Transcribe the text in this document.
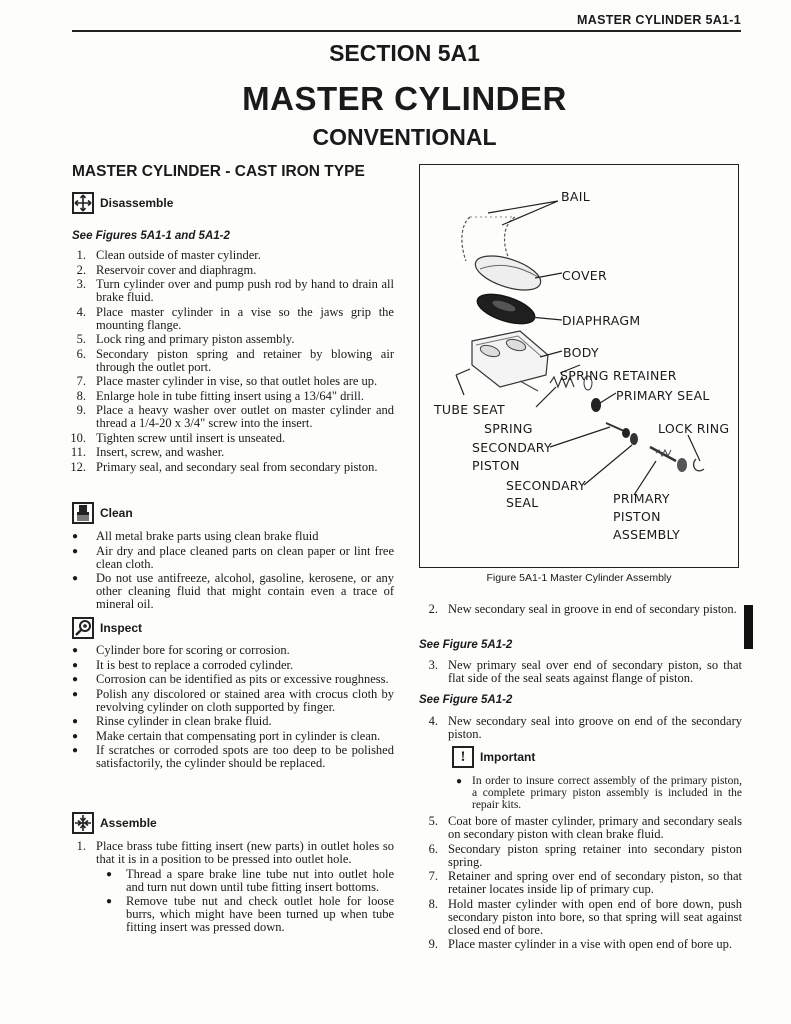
MASTER CYLINDER 5A1-1
SECTION 5A1
MASTER CYLINDER
CONVENTIONAL
MASTER CYLINDER - CAST IRON TYPE
Disassemble
See Figures 5A1-1 and 5A1-2
1. Clean outside of master cylinder.
2. Reservoir cover and diaphragm.
3. Turn cylinder over and pump push rod by hand to drain all brake fluid.
4. Place master cylinder in a vise so the jaws grip the mounting flange.
5. Lock ring and primary piston assembly.
6. Secondary piston spring and retainer by blowing air through the outlet port.
7. Place master cylinder in vise, so that outlet holes are up.
8. Enlarge hole in tube fitting insert using a 13/64" drill.
9. Place a heavy washer over outlet on master cylinder and thread a 1/4-20 x 3/4" screw into the insert.
10. Tighten screw until insert is unseated.
11. Insert, screw, and washer.
12. Primary seal, and secondary seal from secondary piston.
Clean
●	All metal brake parts using clean brake fluid
●	Air dry and place cleaned parts on clean paper or lint free clean cloth.
●	Do not use antifreeze, alcohol, gasoline, kerosene, or any other cleaning fluid that might contain even a trace of mineral oil.
Inspect
●	Cylinder bore for scoring or corrosion.
●	It is best to replace a corroded cylinder.
●	Corrosion can be identified as pits or excessive roughness.
●	Polish any discolored or stained area with crocus cloth by revolving cylinder on cloth supported by finger.
●	Rinse cylinder in clean brake fluid.
●	Make certain that compensating port in cylinder is clean.
●	If scratches or corroded spots are too deep to be polished satisfactorily, the cylinder should be replaced.
Assemble
1. Place brass tube fitting insert (new parts) in outlet holes so that it is in a position to be pressed into outlet hole.
●	Thread a spare brake line tube nut into outlet hole and turn nut down until tube fitting insert bottoms.
●	Remove tube nut and check outlet hole for loose burrs, which might have been turned up when tube fitting insert was pressed down.
BAIL
COVER
DIAPHRAGM
BODY
SPRING RETAINER
PRIMARY SEAL
TUBE SEAT
SPRING	LOCK RING
SECONDARY
PISTON
SECONDARY
SEAL	PRIMARY
PISTON
ASSEMBLY
Figure 5A1-1 Master Cylinder Assembly
2. New secondary seal in groove in end of secondary piston.
See Figure 5A1-2
3. New primary seal over end of secondary piston, so that flat side of the seal seats against flange of piston.
See Figure 5A1-2
4. New secondary seal into groove on end of the secondary piston.
!	Important
● In order to insure correct assembly of the primary piston, a complete primary piston assembly is included in the repair kits.
5. Coat bore of master cylinder, primary and secondary seals on secondary piston with clean brake fluid.
6. Secondary piston spring retainer into secondary piston spring.
7. Retainer and spring over end of secondary piston, so that retainer locates inside lip of primary cup.
8. Hold master cylinder with open end of bore down, push secondary piston into bore, so that spring will seat against closed end of bore.
9. Place master cylinder in a vise with open end of bore up.
